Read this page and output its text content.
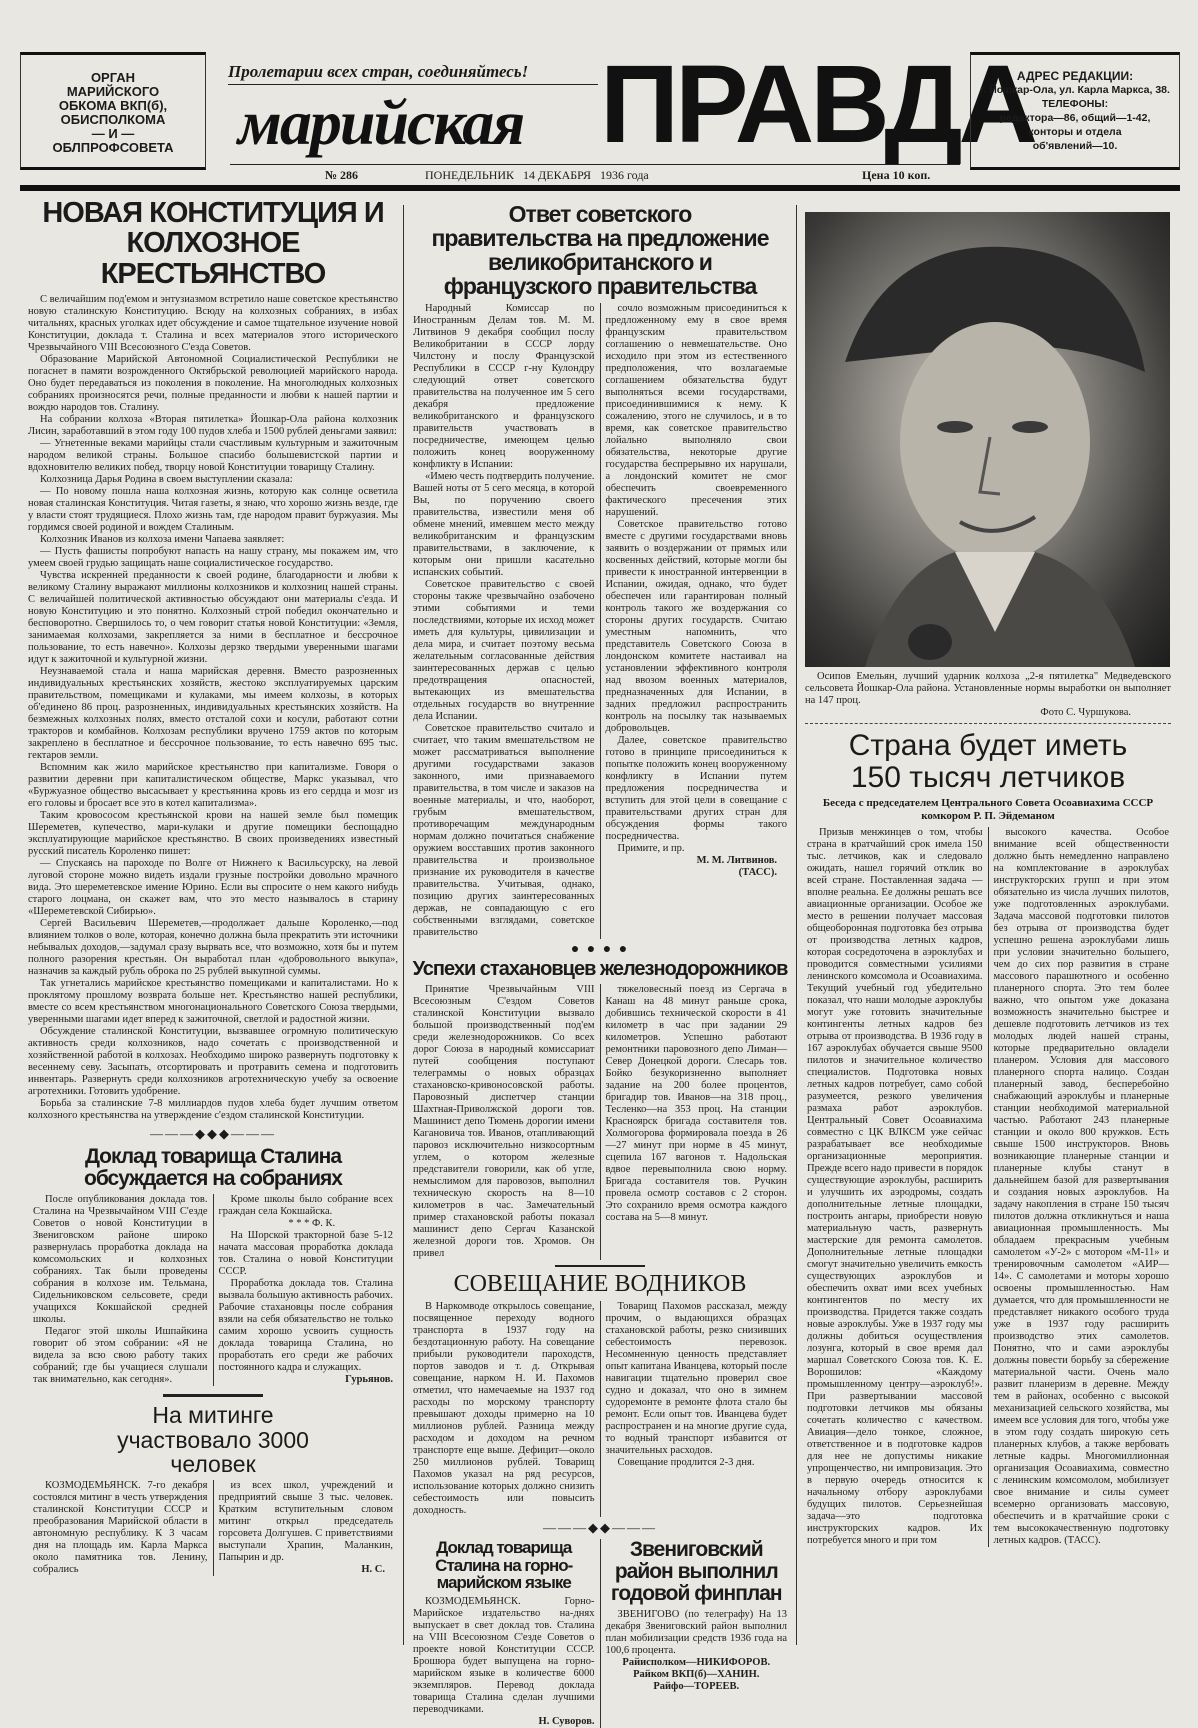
ОРГАН
МАРИЙСКОГО
ОБКОМА ВКП(б),
ОБИСПОЛКОМА
— И —
ОБЛПРОФСОВЕТА
Пролетарии всех стран, соединяйтесь!
марийская ПРАВДА
АДРЕС РЕДАКЦИИ:
г. Йошкар-Ола, ул. Карла Маркса, 38. ТЕЛЕФОНЫ:
редактора—86, общий—1-42,
конторы и отдела
об'явлений—10.
№ 286	ПОНЕДЕЛЬНИК   14 ДЕКАБРЯ   1936 года	Цена 10 коп.
НОВАЯ КОНСТИТУЦИЯ И КОЛХОЗНОЕ КРЕСТЬЯНСТВО

С величайшим под'емом и энтузиазмом встретило наше советское крестьянство новую сталинскую Конституцию. Всюду на колхозных собраниях, в избах читальнях, красных уголках идет обсуждение и самое тщательное изучение новой Конституции, доклада т. Сталина и всех материалов этого исторического Чрезвычайного VIII Всесоюзного С'езда Советов.

Образование Марийской Автономной Социалистической Республики не погаснет в памяти возрожденного Октябрьской революцией марийского народа. Оно будет передаваться из поколения в поколение. На многолюдных колхозных собраниях произносятся речи, полные преданности и любви к нашей партии и вождю народов тов. Сталину.

На собрании колхоза «Вторая пятилетка» Йошкар-Ола района колхозник Лисин, заработавший в этом году 100 пудов хлеба и 1500 рублей деньгами заявил:

— Угнетенные веками марийцы стали счастливым культурным и зажиточным народом великой страны. Большое спасибо большевистской партии и вдохновителю великих побед, творцу новой Конституции товарищу Сталину.

Колхозница Дарья Родина в своем выступлении сказала:

— По новому пошла наша колхозная жизнь, которую как солнце осветила новая сталинская Конституция. Читая газеты, я знаю, что хорошо жизнь везде, где у власти стоят трудящиеся. Плохо жизнь там, где народом правит буржуазия. Мы гордимся своей родиной и вождем Сталиным.

Колхозник Иванов из колхоза имени Чапаева заявляет:

— Пусть фашисты попробуют напасть на нашу страну, мы покажем им, что умеем своей грудью защищать наше социалистическое государство.

Чувства искренней преданности к своей родине, благодарности и любви к великому Сталину выражают миллионы колхозников и колхозниц нашей страны. С величайшей политической активностью обсуждают они материалы с'езда. И новую Конституцию и это понятно. Колхозный строй победил окончательно и бесповоротно. Свершилось то, о чем говорит статья новой Конституции: «Земля, занимаемая колхозами, закрепляется за ними в бесплатное и бессрочное пользование, то есть навечно». Колхозы дерзко твердыми уверенными шагами идут к зажиточной и культурной жизни.

Неузнаваемой стала и наша марийская деревня. Вместо разрозненных индивидуальных крестьянских хозяйств, жестоко эксплуатируемых царским правительством, помещиками и кулаками, мы имеем колхозы, в которых об'единено 86 проц. разрозненных, индивидуальных крестьянских хозяйств. На безмежных колхозных полях, вместо отсталой сохи и косули, работают сотни тракторов и комбайнов. Колхозам республики вручено 1759 актов по которым закреплено в бесплатное и бессрочное пользование, то есть навечно 695 тыс. гектаров земли.

Вспомним как жило марийское крестьянство при капитализме. Говоря о развитии деревни при капиталистическом обществе, Маркс указывал, что «Буржуазное общество высасывает у крестьянина кровь из его сердца и мозг из его головы и бросает все это в котел капитализма».

Таким кровососом крестьянской крови на нашей земле был помещик Шереметев, купечество, мари-кулаки и другие помещики беспощадно эксплуатирующие марийское крестьянство. В своих произведениях известный русский писатель Короленко пишет:

— Спускаясь на пароходе по Волге от Нижнего к Васильсурску, на левой луговой стороне можно видеть издали грузные постройки довольно мрачного вида. Это шереметевское имение Юрино. Если вы спросите о нем какого нибудь старого лоцмана, он скажет вам, что это место называлось в старину «Шереметевской Сибирью».

Сергей Васильевич Шереметев,—продолжает дальше Короленко,—под влиянием толков о воле, которая, конечно должна была прекратить эти источники небывалых доходов,—задумал сразу вырвать все, что возможно, хотя бы и путем полного разорения крестьян. Он выработал план «добровольного выкупа», назначив за каждый рубль оброка по 25 рублей выкупной суммы.

Так угнетались марийское крестьянство помещиками и капиталистами. Но к проклятому прошлому возврата больше нет. Крестьянство нашей республики, вместе со всем крестьянством многонационального Советского Союза твердыми, уверенными шагами идет вперед к зажиточной, светлой и радостной жизни.

Обсуждение сталинской Конституции, вызвавшее огромную политическую активность среди колхозников, надо сочетать с производственной и хозяйственной работой в колхозах. Необходимо широко развернуть подготовку к весеннему севу. Засыпать, отсортировать и протравить семена и подготовить инвентарь. Развернуть среди колхозников агротехническую учебу за освоение агротехники. Готовить удобрение.

Борьба за сталинские 7-8 миллиардов пудов хлеба будет лучшим ответом колхозного крестьянства на утверждение с'ездом сталинской Конституции.

———◆◆◆———
Доклад товарища Сталина обсуждается на собраниях

После опубликования доклада тов. Сталина на Чрезвычайном VIII С'езде Советов о новой Конституции в Звениговском районе широко развернулась проработка доклада на комсомольских и колхозных собраниях. Так были проведены собрания в колхозе им. Тельмана, Сидельниковском сельсовете, среди учащихся Кокшайской средней школы.

Педагог этой школы Ишпайкина говорит об этом собрании: «Я не видела за всю свою работу таких собраний; где бы учащиеся слушали так внимательно, как сегодня».

Кроме школы было собрание всех граждан села Кокшайска.

* * * Ф. К.

На Шорской тракторной базе 5-12 начата массовая проработка доклада тов. Сталина о новой Конституции СССР.

Проработка доклада тов. Сталина вызвала большую активность рабочих. Рабочие стахановцы после собрания взяли на себя обязательство не только самим хорошо усвоить сущность доклада товарища Сталина, но проработать его среди же рабочих постоянного кадра и служащих.

Гурьянов.
На митинге участвовало 3000 человек

КОЗМОДЕМЬЯНСК. 7-го декабря состоялся митинг в честь утверждения сталинской Конституции СССР и преобразования Марийской области в автономную республику. К 3 часам дня на площадь им. Карла Маркса около памятника тов. Ленину, собрались

из всех школ, учреждений и предприятий свыше 3 тыс. человек. Кратким вступительным словом митинг открыл председатель горсовета Долгушев. С приветствиями выступали Храпин, Маланкин, Папырин и др.

Н. С.
Ответ советского правительства на предложение великобританского и французского правительства

Народный Комиссар по Иностранным Делам тов. М. М. Литвинов 9 декабря сообщил послу Великобритании в СССР лорду Чилстону и послу Французской Республики в СССР г-ну Кулондру следующий ответ советского правительства на полученное им 5 сего декабря предложение великобританского и французского правительств участвовать в посредничестве, имеющем целью положить конец вооруженному конфликту в Испании:

«Имею честь подтвердить получение. Вашей ноты от 5 сего месяца, в которой Вы, по поручению своего правительства, известили меня об обмене мнений, имевшем место между великобританским и французским правительствами, в заключение, к которым они пришли касательно испанских событий.

Советское правительство с своей стороны также чрезвычайно озабочено этими событиями и теми последствиями, которые их исход может иметь для культуры, цивилизации и дела мира, и считает поэтому весьма желательным согласованные действия заинтересованных держав с целью предотвращения опасностей, вытекающих из вмешательства отдельных государств во внутренние дела Испании.

Советское правительство считало и считает, что таким вмешательством не может рассматриваться выполнение другими государствами заказов законного, ими признаваемого правительства, в том числе и заказов на военные материалы, и что, наоборот, грубым вмешательством, противоречащим международным нормам должно почитаться снабжение оружием восставших против законного правительства и произвольное признание их руководителя в качестве правительства. Учитывая, однако, позицию других заинтересованных держав, не совпадающую с его собственными взглядами, советское правительство

сочло возможным присоединиться к предложенному ему в свое время французским правительством соглашению о невмешательстве. Оно исходило при этом из естественного предположения, что возлагаемые соглашением обязательства будут выполняться всеми государствами, присоединившимися к нему. К сожалению, этого не случилось, и в то время, как советское правительство лойально выполняло свои обязательства, некоторые другие государства беспрерывно их нарушали, а лондонский комитет не смог обеспечить своевременного фактического пресечения этих нарушений.

Советское правительство готово вместе с другими государствами вновь заявить о воздержании от прямых или косвенных действий, которые могли бы привести к иностранной интервенции в Испании, ожидая, однако, что будет обеспечен или гарантирован полный контроль такого же воздержания со стороны других государств. Считаю уместным напомнить, что представитель Советского Союза в лондонском комитете настаивал на установлении эффективного контроля над ввозом военных материалов, предназначенных для Испании, в задних предложил распространить контроль на посылку так называемых добровольцев.

Далее, советское правительство готово в принципе присоединиться к попытке положить конец вооруженному конфликту в Испании путем предложения посредничества и вступить для этой цели в совещание с правительствами других стран для обсуждения формы такого посредничества.

Примите, и пр.

М. М. Литвинов.
(ТАСС).
● ● ● ●
Успехи стахановцев железнодорожников

Принятие Чрезвычайным VIII Всесоюзным С'ездом Советов сталинской Конституции вызвало большой производственный под'ем среди железнодорожников. Со всех дорог Союза в народный комиссариат путей сообщения поступают телеграммы о новых образцах стахановско-кривоносовской работы. Паровозный диспетчер станции Шахтная-Приволжской дороги тов. Машинист депо Тюмень дорогии имени Кагановича тов. Иванов, отапливающий паровоз исключительно низкосортным углем, о котором железные представители говорили, как об угле, немыслимом для паровозов, выполнил техническую скорость на 8—10 километров в час. Замечательный пример стахановской работы показал машинист депо Сергач Казанской железной дороги тов. Хромов. Он привел

тяжеловесный поезд из Сергача в Канаш на 48 минут раньше срока, добившись технической скорости в 41 километр в час при задании 29 километров. Успешно работают ремонтники паровозного депо Лиман—Север Донецкой дороги. Слесарь тов. Бойко безукоризненно выполняет задание на 200 более процентов, бригадир тов. Иванов—на 318 проц., Тесленко—на 353 проц. На станции Красноярск бригада составителя тов. Холмогорова формировала поезда в 26—27 минут при норме в 45 минут, сцепила 167 вагонов т. Надольская вдвое перевыполнила свою норму. Бригада составителя тов. Ручкин провела осмотр составов с 2 сторон. Это сохранило время осмотра каждого состава на 5—8 минут.

СОВЕЩАНИЕ ВОДНИКОВ

В Наркомводе открылось совещание, посвященное переходу водного транспорта в 1937 году на бездотационную работу. На совещание прибыли руководители пароходств, портов заводов и т. д. Открывая совещание, нарком Н. И. Пахомов отметил, что намечаемые на 1937 год расходы по морскому транспорту превышают доходы примерно на 10 миллионов рублей. Разница между расходом и доходом на речном транспорте еще выше. Дефицит—около 250 миллионов рублей. Товарищ Пахомов указал на ряд ресурсов, использование которых должно снизить себестоимость или повысить доходность.

Товарищ Пахомов рассказал, между прочим, о выдающихся образцах стахановской работы, резко снизивших себестоимость перевозок. Несомненную ценность представляет опыт капитана Иванцева, который после навигации тщательно проверил свое судно и доказал, что оно в зимнем судоремонте в ремонте флота стало бы ремонт. Если опыт тов. Иванцева будет распространен и на многие другие суда, то водный транспорт избавится от значительных расходов.

Совещание продлится 2-3 дня.

———◆◆———
Доклад товарища Сталина на горно-марийском языке

КОЗМОДЕМЬЯНСК. Горно-Марийское издательство на-днях выпускает в свет доклад тов. Сталина на VIII Всесоюзном С'езде Советов о проекте новой Конституции СССР. Брошюра будет выпущена на горно-марийском языке в количестве 6000 экземпляров. Перевод доклада товарища Сталина сделан лучшими переводчиками.

Н. Суворов.
Звениговский район выполнил годовой финплан

ЗВЕНИГОВО (по телеграфу) На 13 декабря Звениговский район выполнил план мобилизации средств 1936 года на 100,6 процента.

Райисполком—НИКИФОРОВ.
Райком ВКП(б)—ХАНИН.
Райфо—ТОРЕЕВ.

Осипов Емельян, лучший ударник колхоза „2-я пятилетка" Медведевского сельсовета Йошкар-Ола района. Установленные нормы выработки он выполняет на 147 проц.

Фото С. Чуршукова.
Страна будет иметь 150 тысяч летчиков
Беседа с председателем Центрального Совета Осоавиахима СССР комкором Р. П. Эйдеманом

Призыв менжинцев о том, чтобы страна в кратчайший срок имела 150 тыс. летчиков, как и следовало ожидать, нашел горячий отклик во всей стране. Поставленная задача — вполне реальна. Ее должны решать все авиационные организации. Особое же место в решении получает массовая общеоборонная подготовка без отрыва от производства летных кадров, которая сосредоточена в аэроклубах и проводится совместными усилиями ленинского комсомола и Осоавиахима. Текущий учебный год убедительно показал, что наши молодые аэроклубы могут уже готовить значительные контингенты летных кадров без отрыва от производства. В 1936 году в 167 аэроклубах обучается свыше 9500 пилотов и значительное количество специалистов. Подготовка новых летных кадров потребует, само собой разумеется, резкого увеличения размаха работ аэроклубов. Центральный Совет Осоавиахима совместно с ЦК ВЛКСМ уже сейчас разрабатывает все необходимые организационные мероприятия. Прежде всего надо привести в порядок существующие аэроклубы, расширить и улучшить их аэродромы, создать дополнительные летные площадки, построить ангары, приобрести новую материальную часть, развернуть мастерские для ремонта самолетов. Дополнительные летные площадки смогут значительно увеличить емкость существующих аэроклубов и обеспечить охват ими всех учебных контингентов по месту их производства. Придется также создать новые аэроклубы. Уже в 1937 году мы должны добиться осуществления лозунга, который в свое время дал маршал Советского Союза тов. К. Е. Ворошилов: «Каждому промышленному центру—аэроклуб!». При развертывании массовой подготовки летчиков мы обязаны сочетать количество с качеством. Авиация—дело тонкое, сложное, ответственное и в подготовке кадров для нее не допустимы никакие упрощенчество, ни импровизация. Это в первую очередь относится к начальному отбору аэроклубами будущих пилотов. Серьезнейшая задача—это подготовка инструкторских кадров. Их потребуется много и при том

высокого качества. Особое внимание всей общественности должно быть немедленно направлено на комплектование в аэроклубах инструкторских групп и при этом обязательно из числа лучших пилотов, уже подготовленных аэроклубами. Задача массовой подготовки пилотов без отрыва от производства будет успешно решена аэроклубами лишь при условии значительно большего, чем до сих пор развития в стране массового парашютного и особенно планерного спорта. Это тем более важно, что опытом уже доказана возможность значительно быстрее и дешевле подготовить летчиков из тех молодых людей нашей страны, которые предварительно овладели планером. Условия для массового планерного спорта налицо. Создан планерный завод, бесперебойно снабжающий аэроклубы и планерные станции необходимой материальной частью. Работают 243 планерные станции и около 800 кружков. Есть свыше 1500 инструкторов. Вновь возникающие планерные станции и планерные клубы станут в дальнейшем базой для развертывания и создания новых аэроклубов. На задачу накопления в стране 150 тысяч пилотов должна откликнуться и наша авиационная промышленность. Мы обладаем прекрасным учебным самолетом «У-2» с мотором «М-11» и тренировочным самолетом «АИР—14». С самолетами и моторы хорошо освоены промышленностью. Нам думается, что для промышленности не представляет никакого особого труда уже в 1937 году расширить производство этих самолетов. Понятно, что и сами аэроклубы должны повести борьбу за сбережение материальной части. Очень мало развит планеризм в деревне. Между тем в районах, особенно с высокой механизацией сельского хозяйства, мы имеем все условия для того, чтобы уже в этом году создать широкую сеть планерных клубов, а также вербовать летные кадры. Многомиллионная организация Осоавиахима, совместно с ленинским комсомолом, мобилизует свое внимание и силы сумеет всемерно организовать массовую, обеспечить и в кратчайшие сроки с тем высококачественную подготовку летных кадров. (ТАСС).
